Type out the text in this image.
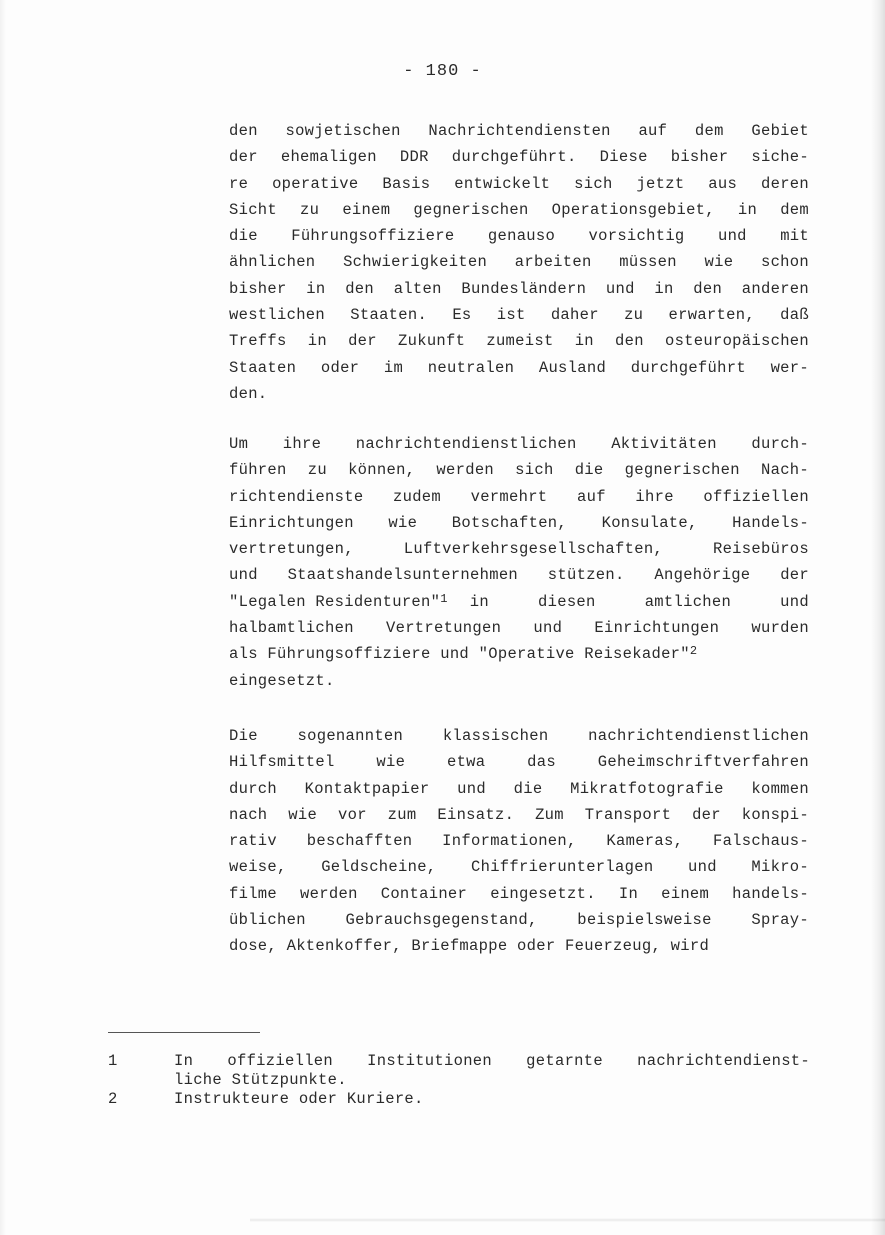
- 180 -
den sowjetischen Nachrichtendiensten auf dem Gebiet
der ehemaligen DDR durchgeführt. Diese bisher siche-
re operative Basis entwickelt sich jetzt aus deren
Sicht zu einem gegnerischen Operationsgebiet, in dem
die Führungsoffiziere genauso vorsichtig und mit
ähnlichen Schwierigkeiten arbeiten müssen wie schon
bisher in den alten Bundesländern und in den anderen
westlichen Staaten. Es ist daher zu erwarten, daß
Treffs in der Zukunft zumeist in den osteuropäischen
Staaten oder im neutralen Ausland durchgeführt wer-
den.
Um ihre nachrichtendienstlichen Aktivitäten durch-
führen zu können, werden sich die gegnerischen Nach-
richtendienste zudem vermehrt auf ihre offiziellen
Einrichtungen wie Botschaften, Konsulate, Handels-
vertretungen, Luftverkehrsgesellschaften, Reisebüros
und Staatshandelsunternehmen stützen. Angehörige der
"Legalen Residenturen"$^1$	in diesen amtlichen und
halbamtlichen Vertretungen und Einrichtungen wurden
als Führungsoffiziere und "Operative Reisekader"$^2$
eingesetzt.
Die sogenannten klassischen nachrichtendienstlichen
Hilfsmittel wie etwa das Geheimschriftverfahren
durch Kontaktpapier und die Mikratfotografie kommen
nach wie vor zum Einsatz. Zum Transport der konspi-
rativ beschafften Informationen, Kameras, Falschaus-
weise, Geldscheine, Chiffrierunterlagen und Mikro-
filme werden Container eingesetzt. In einem handels-
üblichen Gebrauchsgegenstand, beispielsweise Spray-
dose, Aktenkoffer, Briefmappe oder Feuerzeug, wird
1	In offiziellen Institutionen getarnte nachrichtendienst-
liche Stützpunkte.
2	Instrukteure oder Kuriere.
